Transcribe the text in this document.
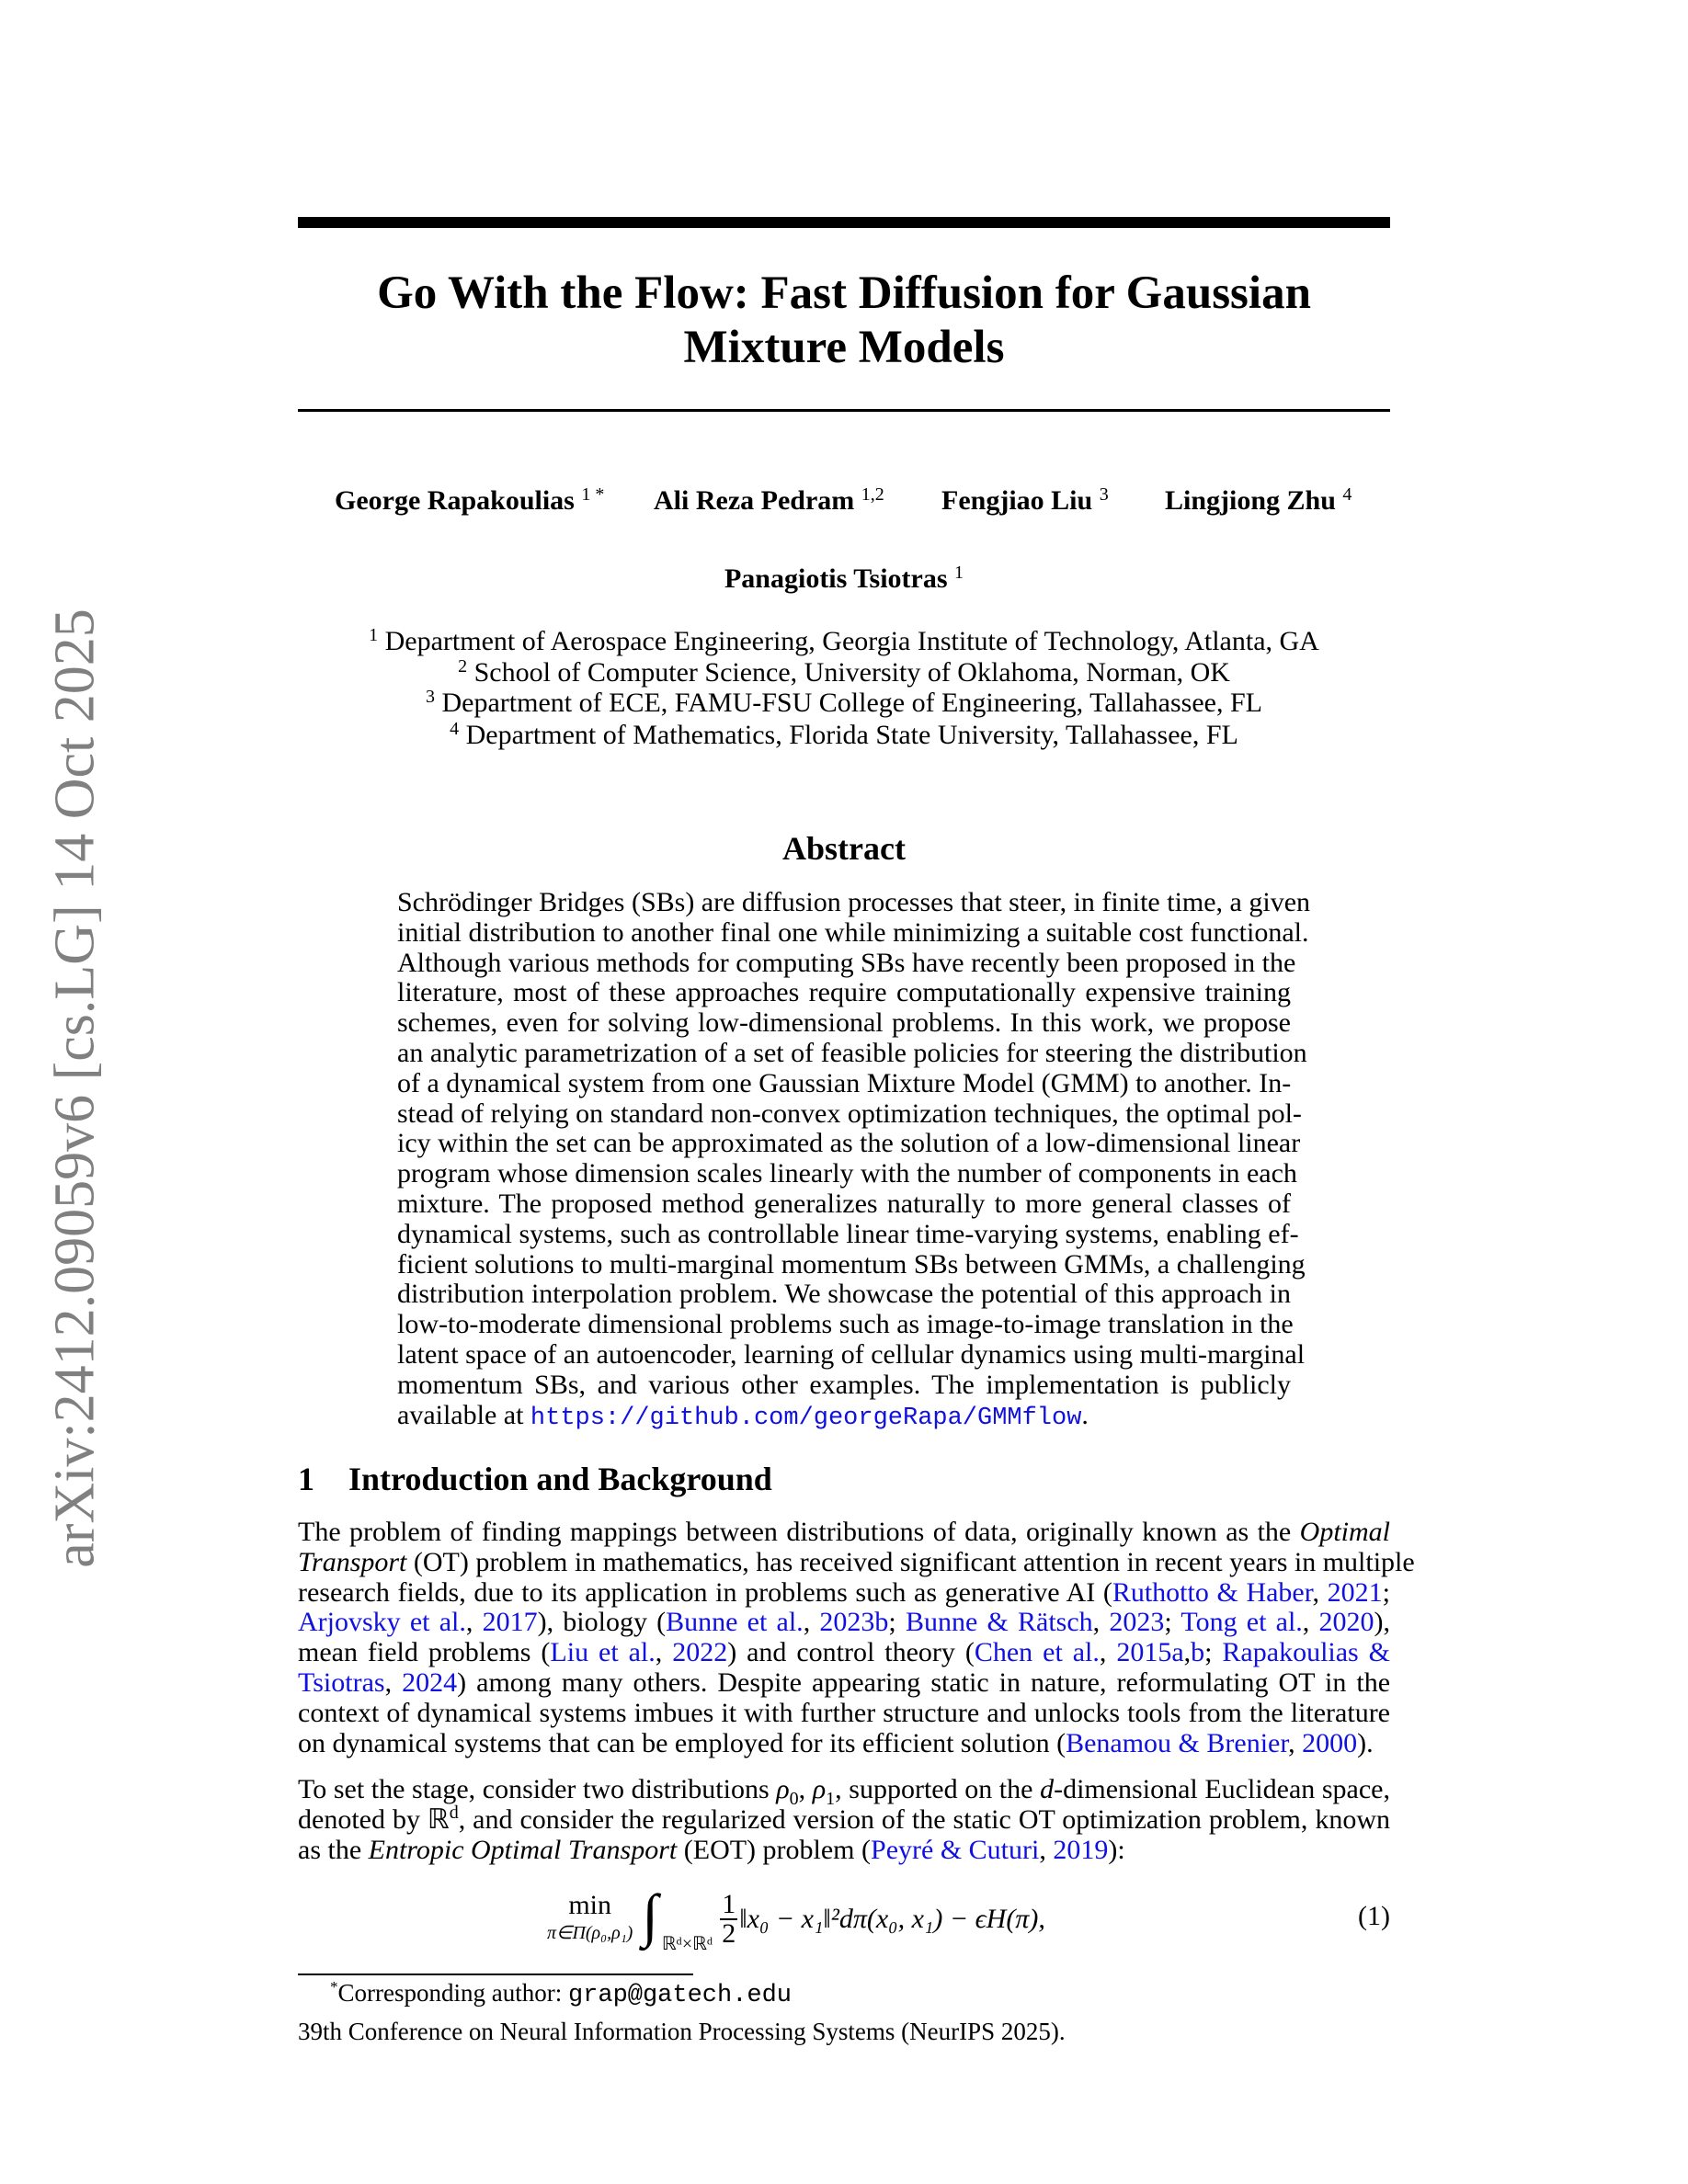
arXiv:2412.09059v6 [cs.LG] 14 Oct 2025
Go With the Flow: Fast Diffusion for Gaussian
Mixture Models
George Rapakoulias $^{1 *}$ Ali Reza Pedram $^{1,2}$ Fengjiao Liu $^3$ Lingjiong Zhu $^4$
Panagiotis Tsiotras $^1$
$^1$ Department of Aerospace Engineering, Georgia Institute of Technology, Atlanta, GA
$^2$ School of Computer Science, University of Oklahoma, Norman, OK
$^3$ Department of ECE, FAMU-FSU College of Engineering, Tallahassee, FL
$^4$ Department of Mathematics, Florida State University, Tallahassee, FL
Abstract
Schrödinger Bridges (SBs) are diffusion processes that steer, in finite time, a given
initial distribution to another final one while minimizing a suitable cost functional.
Although various methods for computing SBs have recently been proposed in the
literature, most of these approaches require computationally expensive training
schemes, even for solving low-dimensional problems. In this work, we propose
an analytic parametrization of a set of feasible policies for steering the distribution
of a dynamical system from one Gaussian Mixture Model (GMM) to another. In-
stead of relying on standard non-convex optimization techniques, the optimal pol-
icy within the set can be approximated as the solution of a low-dimensional linear
program whose dimension scales linearly with the number of components in each
mixture. The proposed method generalizes naturally to more general classes of
dynamical systems, such as controllable linear time-varying systems, enabling ef-
ficient solutions to multi-marginal momentum SBs between GMMs, a challenging
distribution interpolation problem. We showcase the potential of this approach in
low-to-moderate dimensional problems such as image-to-image translation in the
latent space of an autoencoder, learning of cellular dynamics using multi-marginal
momentum SBs, and various other examples. The implementation is publicly
available at https://github.com/georgeRapa/GMMflow.
1 Introduction and Background
The problem of finding mappings between distributions of data, originally known as the Optimal
Transport (OT) problem in mathematics, has received significant attention in recent years in multiple
research fields, due to its application in problems such as generative AI (Ruthotto & Haber, 2021;
Arjovsky et al., 2017), biology (Bunne et al., 2023b; Bunne & Rätsch, 2023; Tong et al., 2020),
mean field problems (Liu et al., 2022) and control theory (Chen et al., 2015a,b; Rapakoulias &
Tsiotras, 2024) among many others. Despite appearing static in nature, reformulating OT in the
context of dynamical systems imbues it with further structure and unlocks tools from the literature
on dynamical systems that can be employed for its efficient solution (Benamou & Brenier, 2000).
To set the stage, consider two distributions $\rho_0$, $\rho_1$, supported on the d-dimensional Euclidean space,
denoted by ℝ$^d$, and consider the regularized version of the static OT optimization problem, known
as the Entropic Optimal Transport (EOT) problem (Peyré & Cuturi, 2019):
min
π∈Π(ρ₀,ρ₁) ∫ ℝᵈ×ℝᵈ $\frac{1}{2}$ ‖x₀ − x₁‖²dπ(x₀, x₁) − ϵH(π),	(1)
*Corresponding author: grap@gatech.edu
39th Conference on Neural Information Processing Systems (NeurIPS 2025).
